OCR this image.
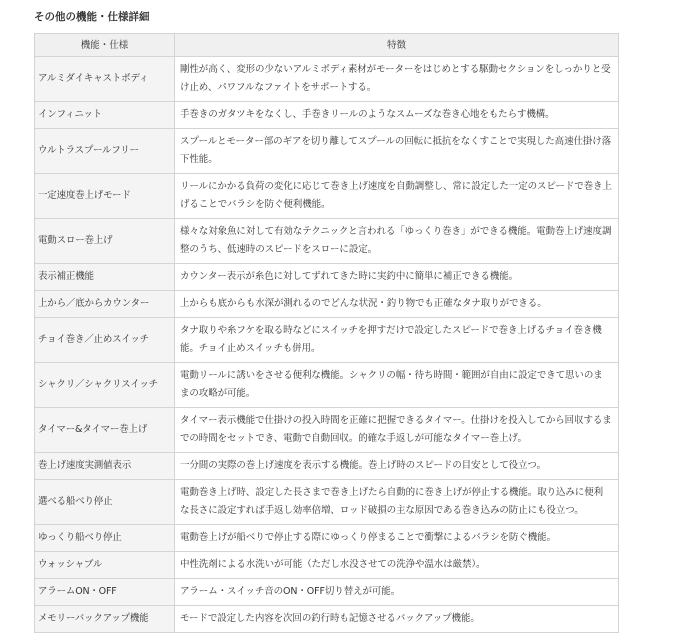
その他の機能・仕様詳細
機能・仕様	特徴
アルミダイキャストボディ	剛性が高く、変形の少ないアルミボディ素材がモーターをはじめとする駆動セクションをしっかりと受け止め、パワフルなファイトをサポートする。
インフィニット	手巻きのガタツキをなくし、手巻きリールのようなスムーズな巻き心地をもたらす機構。
ウルトラスプールフリー	スプールとモーター部のギアを切り離してスプールの回転に抵抗をなくすことで実現した高速仕掛け落下性能。
一定速度巻上げモード	リールにかかる負荷の変化に応じて巻き上げ速度を自動調整し、常に設定した一定のスピードで巻き上げることでバラシを防ぐ便利機能。
電動スロー巻上げ	様々な対象魚に対して有効なテクニックと言われる「ゆっくり巻き」ができる機能。電動巻上げ速度調整のうち、低速時のスピードをスローに設定。
表示補正機能	カウンター表示が糸色に対してずれてきた時に実釣中に簡単に補正できる機能。
上から／底からカウンター	上からも底からも水深が測れるのでどんな状況・釣り物でも正確なタナ取りができる。
チョイ巻き／止めスイッチ	タナ取りや糸フケを取る時などにスイッチを押すだけで設定したスピードで巻き上げるチョイ巻き機能。チョイ止めスイッチも併用。
シャクリ／シャクリスイッチ	電動リールに誘いをさせる便利な機能。シャクリの幅・待ち時間・範囲が自由に設定できて思いのままの攻略が可能。
タイマー&タイマー巻上げ	タイマー表示機能で仕掛けの投入時間を正確に把握できるタイマー。仕掛けを投入してから回収するまでの時間をセットでき、電動で自動回収。的確な手返しが可能なタイマー巻上げ。
巻上げ速度実測値表示	一分間の実際の巻上げ速度を表示する機能。巻上げ時のスピードの目安として役立つ。
選べる船べり停止	電動巻き上げ時、設定した長さまで巻き上げたら自動的に巻き上げが停止する機能。取り込みに便利な長さに設定すれば手返し効率倍増、ロッド破損の主な原因である巻き込みの防止にも役立つ。
ゆっくり船べり停止	電動巻上げが船べりで停止する際にゆっくり停まることで衝撃によるバラシを防ぐ機能。
ウォッシャブル	中性洗剤による水洗いが可能（ただし水没させての洗浄や温水は厳禁）。
アラームON・OFF	アラーム・スイッチ音のON・OFF切り替えが可能。
メモリーバックアップ機能	モードで設定した内容を次回の釣行時も記憶させるバックアップ機能。
